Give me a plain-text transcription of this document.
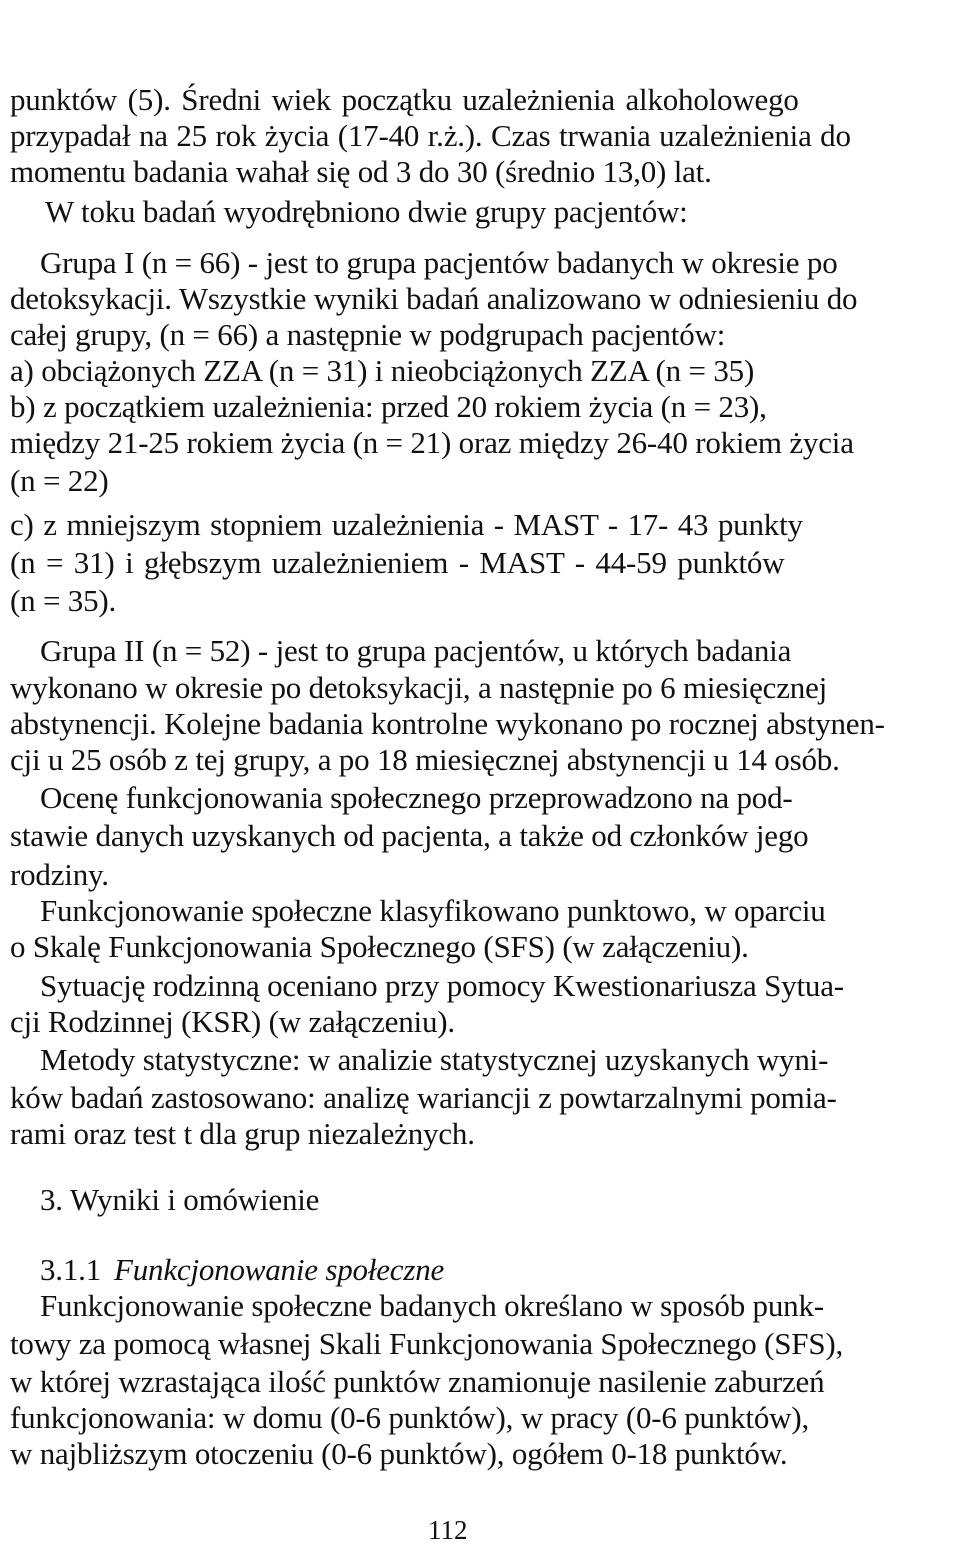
punktów (5). Średni wiek początku uzależnienia alkoholowego
przypadał na 25 rok życia (17-40 r.ż.). Czas trwania uzależnienia do
momentu badania wahał się od 3 do 30 (średnio 13,0) lat.
W toku badań wyodrębniono dwie grupy pacjentów:
Grupa I (n = 66) - jest to grupa pacjentów badanych w okresie po
detoksykacji. Wszystkie wyniki badań analizowano w odniesieniu do
całej grupy, (n = 66) a następnie w podgrupach pacjentów:
a) obciążonych ZZA (n = 31) i nieobciążonych ZZA (n = 35)
b) z początkiem uzależnienia: przed 20 rokiem życia (n = 23),
między 21-25 rokiem życia (n = 21) oraz między 26-40 rokiem życia
(n = 22)
c) z mniejszym stopniem uzależnienia - MAST - 17- 43 punkty
(n = 31) i głębszym uzależnieniem - MAST - 44-59 punktów
(n = 35).
Grupa II (n = 52) - jest to grupa pacjentów, u których badania
wykonano w okresie po detoksykacji, a następnie po 6 miesięcznej
abstynencji. Kolejne badania kontrolne wykonano po rocznej abstynen-
cji u 25 osób z tej grupy, a po 18 miesięcznej abstynencji u 14 osób.
Ocenę funkcjonowania społecznego przeprowadzono na pod-
stawie danych uzyskanych od pacjenta, a także od członków jego
rodziny.
Funkcjonowanie społeczne klasyfikowano punktowo, w oparciu
o Skalę Funkcjonowania Społecznego (SFS) (w załączeniu).
Sytuację rodzinną oceniano przy pomocy Kwestionariusza Sytua-
cji Rodzinnej (KSR) (w załączeniu).
Metody statystyczne: w analizie statystycznej uzyskanych wyni-
ków badań zastosowano: analizę wariancji z powtarzalnymi pomia-
rami oraz test t dla grup niezależnych.
3. Wyniki i omówienie
3.1.1 Funkcjonowanie społeczne
Funkcjonowanie społeczne badanych określano w sposób punk-
towy za pomocą własnej Skali Funkcjonowania Społecznego (SFS),
w której wzrastająca ilość punktów znamionuje nasilenie zaburzeń
funkcjonowania: w domu (0-6 punktów), w pracy (0-6 punktów),
w najbliższym otoczeniu (0-6 punktów), ogółem 0-18 punktów.
112
